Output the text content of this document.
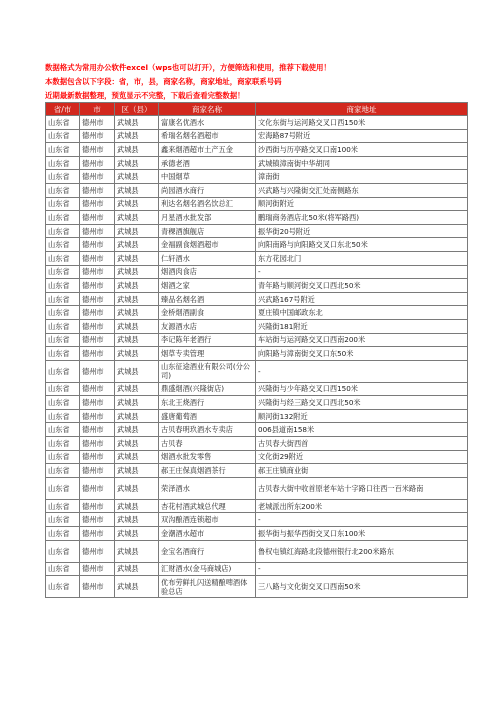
数据格式为常用办公软件excel（wps也可以打开），方便筛选和使用，推荐下载使用！
本数据包含以下字段：省，市，县，商家名称，商家地址，商家联系号码
近期最新数据整理，预览显示不完整，下载后查看完整数据！
省/市	市	区（县）	商家名称	商家地址
山东省	德州市	武城县	富康名优酒水	文化东街与运河路交叉口西150米
山东省	德州市	武城县	希瑞名烟名酒超市	宏海路87号附近
山东省	德州市	武城县	鑫来烟酒超市土产五金	沙西街与历亭路交叉口南100米
山东省	德州市	武城县	承德老酒	武城镇漳南街中华胡同
山东省	德州市	武城县	中国烟草	漳南街
山东省	德州市	武城县	尚园酒水商行	兴武路与兴隆街交汇处南侧路东
山东省	德州市	武城县	利达名烟名酒名饮总汇	顺河街附近
山东省	德州市	武城县	月星酒水批发部	鹏瑞商务酒店北50米(将军路西)
山东省	德州市	武城县	青稞酒旗舰店	振华街20号附近
山东省	德州市	武城县	金福副食烟酒超市	向阳南路与向阳路交叉口东北50米
山东省	德州市	武城县	仁轩酒水	东方花园北门
山东省	德州市	武城县	烟酒肉食店	-
山东省	德州市	武城县	烟酒之家	青年路与顺河街交叉口西北50米
山东省	德州市	武城县	臻品名烟名酒	兴武路167号附近
山东省	德州市	武城县	金桥烟酒副食	夏庄镇中国邮政东北
山东省	德州市	武城县	友源酒水店	兴隆街181附近
山东省	德州市	武城县	李记陈年老酒行	车站街与运河路交叉口西南200米
山东省	德州市	武城县	烟草专卖管理	向阳路与漳南街交叉口东50米
山东省	德州市	武城县	山东征途酒业有限公司(分公司)	-
山东省	德州市	武城县	鼎盛烟酒(兴隆街店)	兴隆街与少年路交叉口西150米
山东省	德州市	武城县	东北王烧酒行	兴隆街与经三路交叉口西北50米
山东省	德州市	武城县	盛唐葡萄酒	顺河街132附近
山东省	德州市	武城县	古贝春明玖酒水专卖店	006县道南158米
山东省	德州市	武城县	古贝春	古贝春大街西首
山东省	德州市	武城县	烟酒水批发零售	文化街29附近
山东省	德州市	武城县	郝王庄保真烟酒茶行	郝王庄镇商业街
山东省	德州市	武城县	荣泽酒水	古贝春大街中收首原老车站十字路口往西一百米路南
山东省	德州市	武城县	杏花村酒武城总代理	老城派出所东200米
山东省	德州市	武城县	双沟酿酒连锁超市	-
山东省	德州市	武城县	金潮酒水超市	振华街与振华西街交叉口东100米
山东省	德州市	武城县	金宝名酒商行	鲁权屯镇红海路北段德州银行北200米路东
山东省	德州市	武城县	汇财酒水(金马商城店)	-
山东省	德州市	武城县	优布劳鲜扎闪送精酿啤酒体验总店	三八路与文化街交叉口西南50米
